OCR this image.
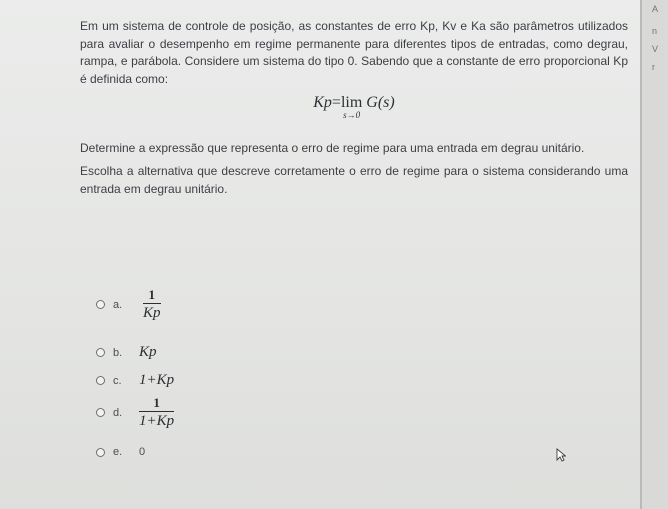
Em um sistema de controle de posição, as constantes de erro Kp, Kv e Ka são parâmetros utilizados para avaliar o desempenho em regime permanente para diferentes tipos de entradas, como degrau, rampa, e parábola. Considere um sistema do tipo 0. Sabendo que a constante de erro proporcional Kp é definida como:

Kp=lim
s→0
G(s)

Determine a expressão que representa o erro de regime para uma entrada em degrau unitário.

Escolha a alternativa que descreve corretamente o erro de regime para o sistema considerando uma entrada em degrau unitário.

a.	$\frac{1}{Kp}$
b.	Kp
c.	1+Kp
d.	$\frac{1}{1+Kp}$
e.	0
A
n
V
r
